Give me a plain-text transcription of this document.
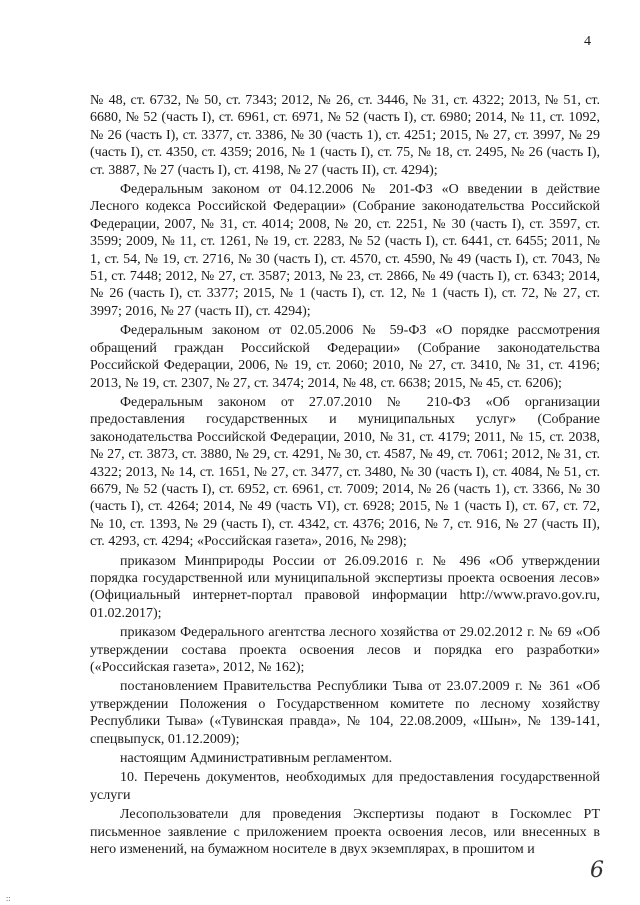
4

№ 48, ст. 6732, № 50, ст. 7343; 2012, № 26, ст. 3446, № 31, ст. 4322; 2013, № 51, ст. 6680, № 52 (часть I), ст. 6961, ст. 6971, № 52 (часть I), ст. 6980; 2014, № 11, ст. 1092, № 26 (часть I), ст. 3377, ст. 3386, № 30 (часть 1), ст. 4251; 2015, № 27, ст. 3997, № 29 (часть I), ст. 4350, ст. 4359; 2016, № 1 (часть I), ст. 75, № 18, ст. 2495, № 26 (часть I), ст. 3887, № 27 (часть I), ст. 4198, № 27 (часть II), ст. 4294);

Федеральным законом от 04.12.2006 № 201-ФЗ «О введении в действие Лесного кодекса Российской Федерации» (Собрание законодательства Российской Федерации, 2007, № 31, ст. 4014; 2008, № 20, ст. 2251, № 30 (часть I), ст. 3597, ст. 3599; 2009, № 11, ст. 1261, № 19, ст. 2283, № 52 (часть I), ст. 6441, ст. 6455; 2011, № 1, ст. 54, № 19, ст. 2716, № 30 (часть I), ст. 4570, ст. 4590, № 49 (часть I), ст. 7043, № 51, ст. 7448; 2012, № 27, ст. 3587; 2013, № 23, ст. 2866, № 49 (часть I), ст. 6343; 2014, № 26 (часть I), ст. 3377; 2015, № 1 (часть I), ст. 12, № 1 (часть I), ст. 72, № 27, ст. 3997; 2016, № 27 (часть II), ст. 4294);

Федеральным законом от 02.05.2006 № 59-ФЗ «О порядке рассмотрения обращений граждан Российской Федерации» (Собрание законодательства Российской Федерации, 2006, № 19, ст. 2060; 2010, № 27, ст. 3410, № 31, ст. 4196; 2013, № 19, ст. 2307, № 27, ст. 3474; 2014, № 48, ст. 6638; 2015, № 45, ст. 6206);

Федеральным законом от 27.07.2010 № 210-ФЗ «Об организации предоставления государственных и муниципальных услуг» (Собрание законодательства Российской Федерации, 2010, № 31, ст. 4179; 2011, № 15, ст. 2038, № 27, ст. 3873, ст. 3880, № 29, ст. 4291, № 30, ст. 4587, № 49, ст. 7061; 2012, № 31, ст. 4322; 2013, № 14, ст. 1651, № 27, ст. 3477, ст. 3480, № 30 (часть I), ст. 4084, № 51, ст. 6679, № 52 (часть I), ст. 6952, ст. 6961, ст. 7009; 2014, № 26 (часть 1), ст. 3366, № 30 (часть I), ст. 4264; 2014, № 49 (часть VI), ст. 6928; 2015, № 1 (часть I), ст. 67, ст. 72, № 10, ст. 1393, № 29 (часть I), ст. 4342, ст. 4376; 2016, № 7, ст. 916, № 27 (часть II), ст. 4293, ст. 4294; «Российская газета», 2016, № 298);

приказом Минприроды России от 26.09.2016 г. № 496 «Об утверждении порядка государственной или муниципальной экспертизы проекта освоения лесов» (Официальный интернет-портал правовой информации http://www.pravo.gov.ru, 01.02.2017);

приказом Федерального агентства лесного хозяйства от 29.02.2012 г. № 69 «Об утверждении состава проекта освоения лесов и порядка его разработки» («Российская газета», 2012, № 162);

постановлением Правительства Республики Тыва от 23.07.2009 г. № 361 «Об утверждении Положения о Государственном комитете по лесному хозяйству Республики Тыва» («Тувинская правда», № 104, 22.08.2009, «Шын», № 139-141, спецвыпуск, 01.12.2009);

настоящим Административным регламентом.

10. Перечень документов, необходимых для предоставления государственной услуги

Лесопользователи для проведения Экспертизы подают в Госкомлес РТ письменное заявление с приложением проекта освоения лесов, или внесенных в него изменений, на бумажном носителе в двух экземплярах, в прошитом и

6
::
